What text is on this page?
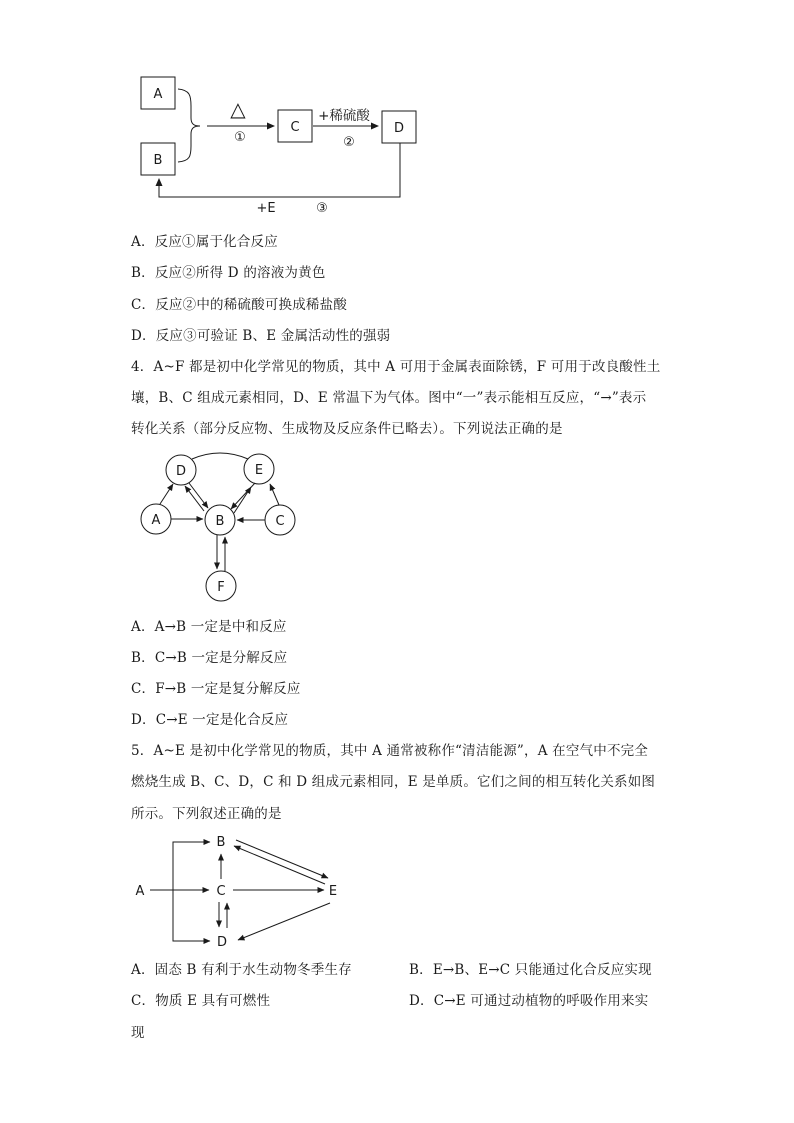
A
B
C	D
△
①
+稀硫酸
②
+E	③
A．反应①属于化合反应
B．反应②所得 D 的溶液为黄色
C．反应②中的稀硫酸可换成稀盐酸
D．反应③可验证 B、E 金属活动性的强弱
4．A~F 都是初中化学常见的物质，其中 A 可用于金属表面除锈，F 可用于改良酸性土
壤，B、C 组成元素相同，D、E 常温下为气体。图中“一”表示能相互反应，“→”表示
转化关系（部分反应物、生成物及反应条件已略去）。下列说法正确的是
D	E
A	B	C
F
A．A→B 一定是中和反应
B．C→B 一定是分解反应
C．F→B 一定是复分解反应
D．C→E 一定是化合反应
5．A~E 是初中化学常见的物质，其中 A 通常被称作“清洁能源”，A 在空气中不完全
燃烧生成 B、C、D，C 和 D 组成元素相同，E 是单质。它们之间的相互转化关系如图
所示。下列叙述正确的是
B
A	C	E
D
A．固态 B 有利于水生动物冬季生存	B．E→B、E→C 只能通过化合反应实现
C．物质 E 具有可燃性	D．C→E 可通过动植物的呼吸作用来实
现
